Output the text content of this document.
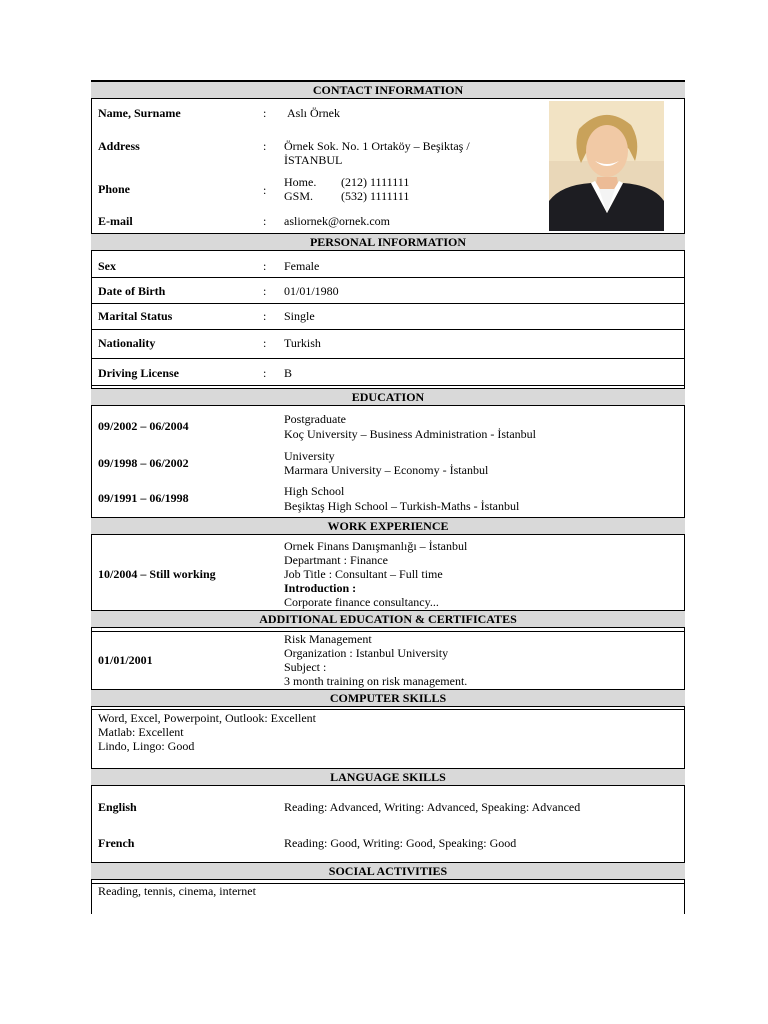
CONTACT INFORMATION
Name, Surname	: Aslı Örnek
Address	: Örnek Sok. No. 1 Ortaköy – Beşiktaş /
İSTANBUL
Phone	:
Home. (212) 1111111
GSM. (532) 1111111
E-mail	: asliornek@ornek.com
PERSONAL INFORMATION
Sex	: Female
Date of Birth	: 01/01/1980
Marital Status	: Single
Nationality	: Turkish
Driving License	: B
EDUCATION
09/2002 – 06/2004	Postgraduate
Koç University – Business Administration - İstanbul
09/1998 – 06/2002	University
Marmara University – Economy - İstanbul
09/1991 – 06/1998	High School
Beşiktaş High School – Turkish-Maths - İstanbul
WORK EXPERIENCE
10/2004 – Still working
Ornek Finans Danışmanlığı – İstanbul
Departmant : Finance
Job Title : Consultant – Full time
Introduction :
Corporate finance consultancy...
ADDITIONAL EDUCATION & CERTIFICATES
01/01/2001
Risk Management
Organization : Istanbul University
Subject :
3 month training on risk management.
COMPUTER SKILLS
Word, Excel, Powerpoint, Outlook: Excellent
Matlab: Excellent
Lindo, Lingo: Good
LANGUAGE SKILLS
English	Reading: Advanced, Writing: Advanced, Speaking: Advanced
French	Reading: Good, Writing: Good, Speaking: Good
SOCIAL ACTIVITIES
Reading, tennis, cinema, internet
